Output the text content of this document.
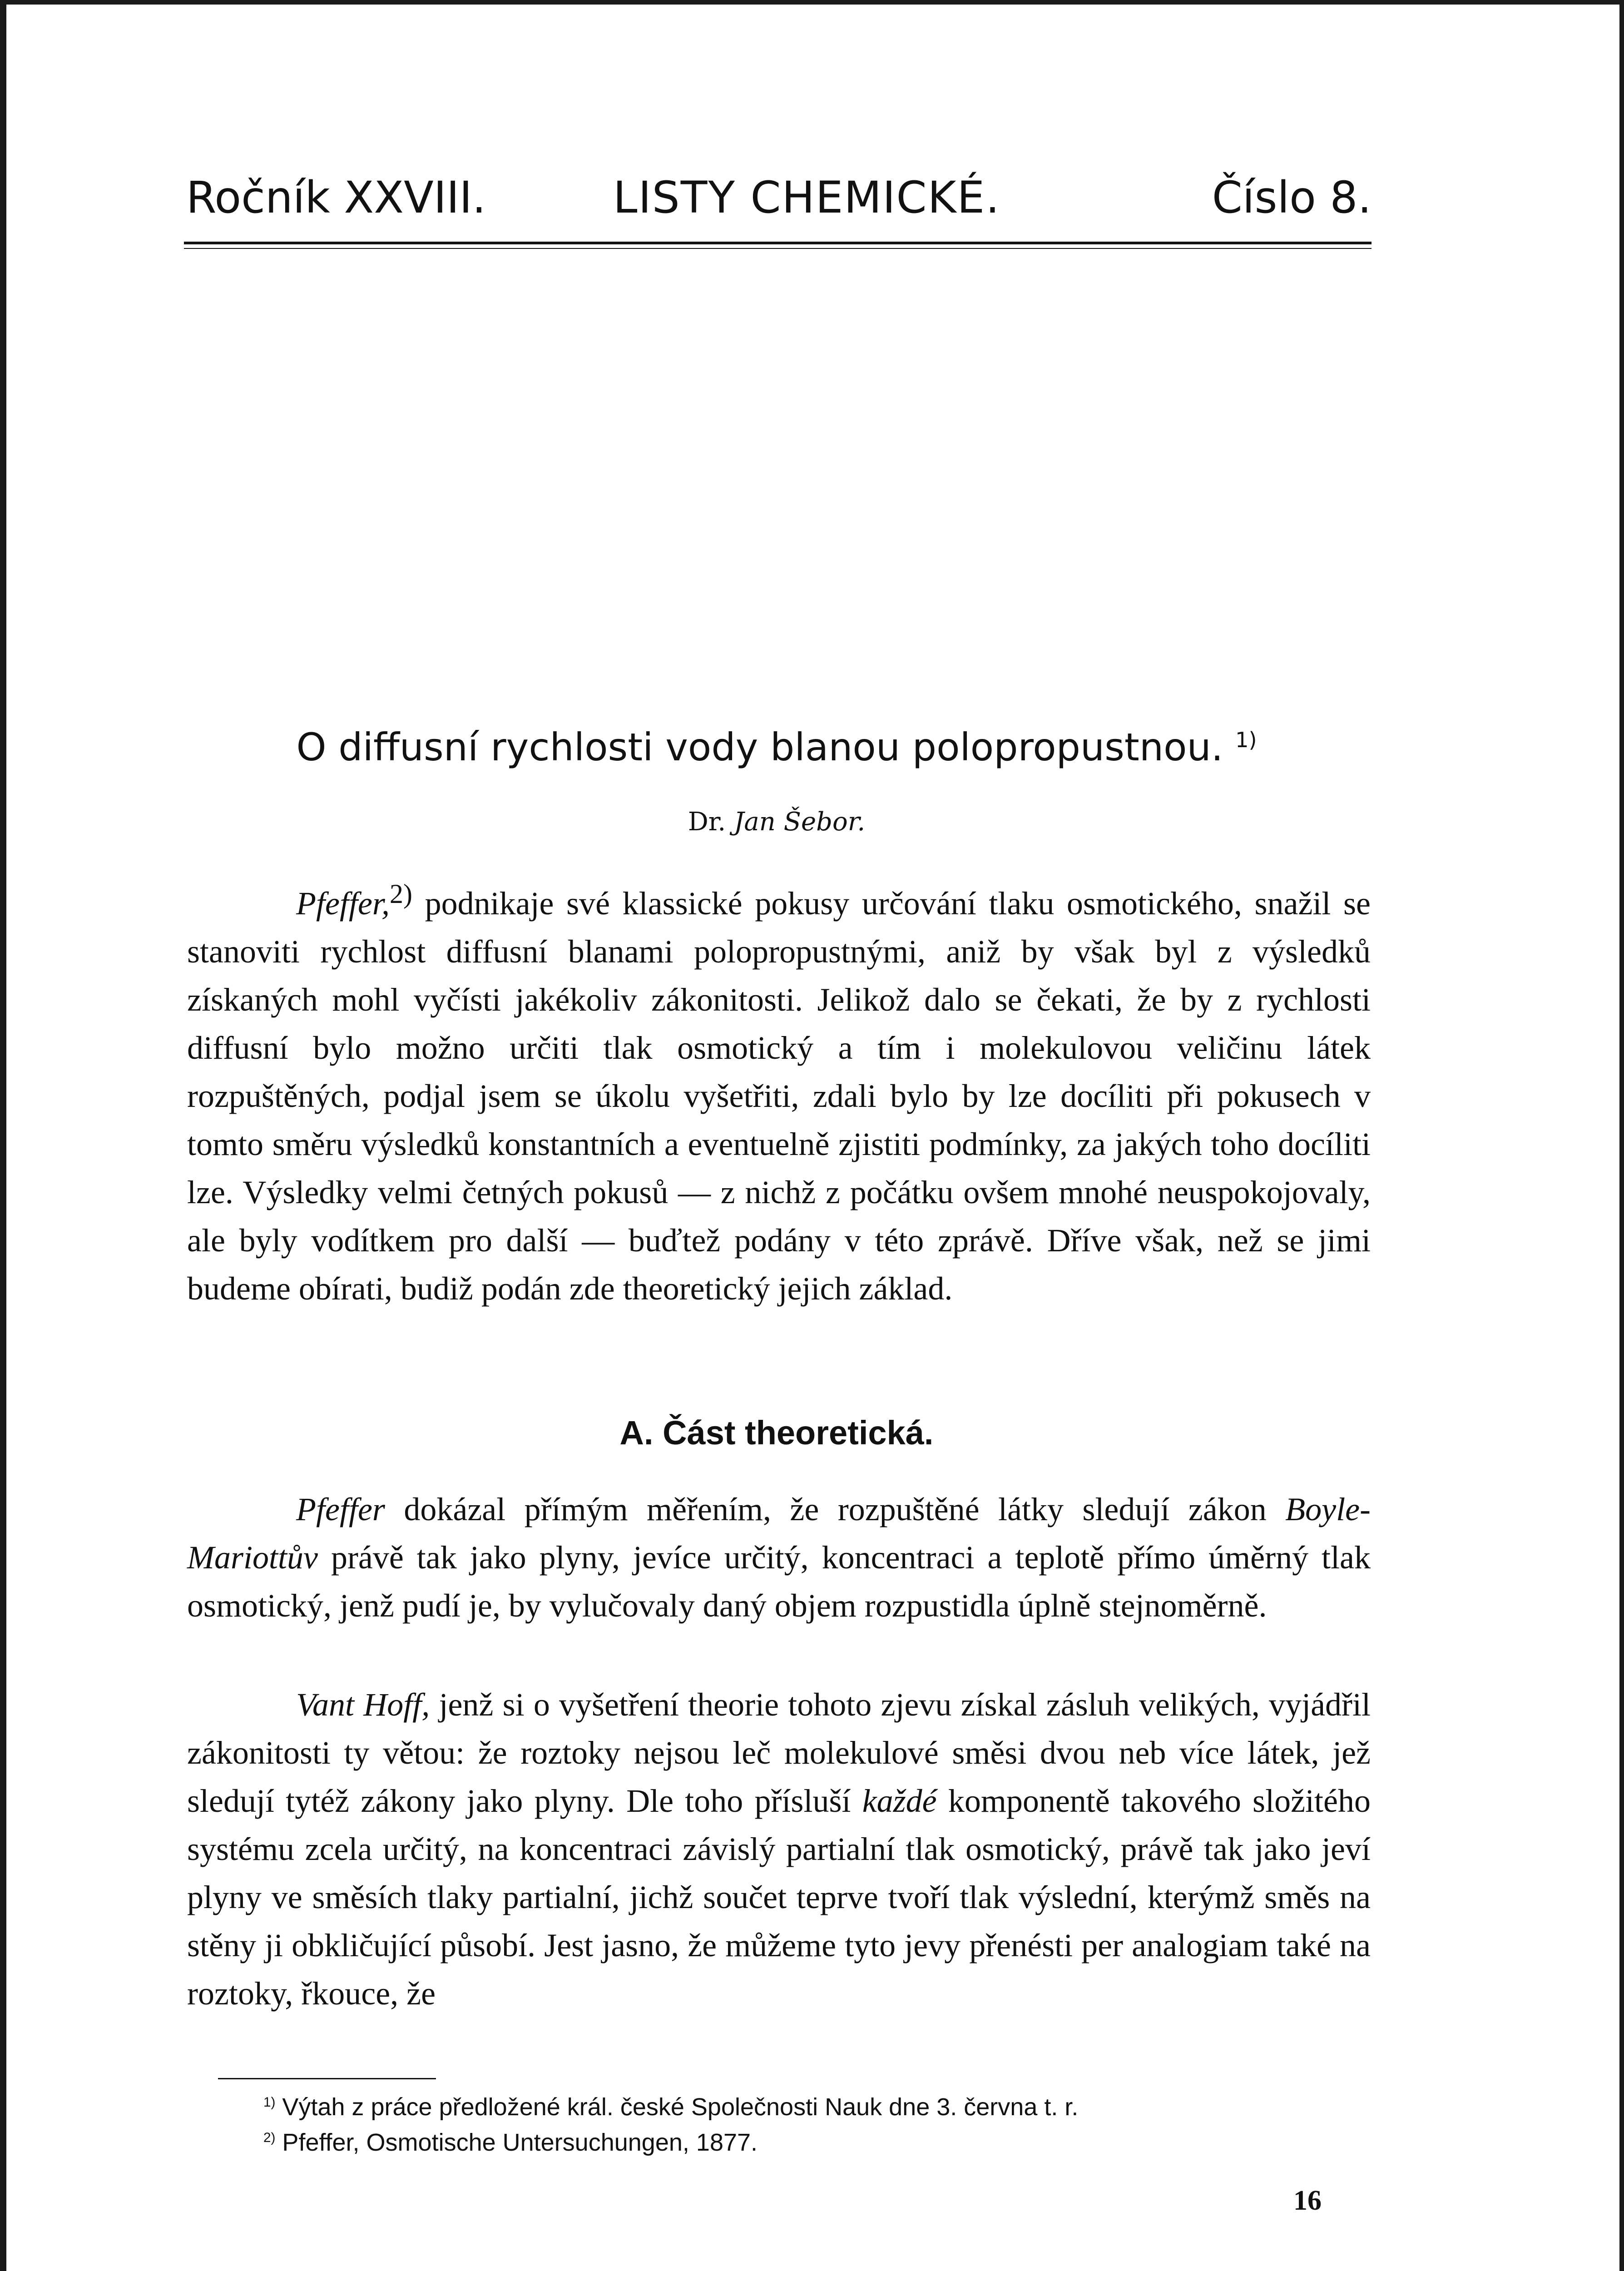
Ročník XXVIII.	LISTY CHEMICKÉ.	Číslo 8.
O diffusní rychlosti vody blanou polopropustnou. $^{1)}$
Dr. Jan Šebor.

Pfeffer,$^{2)}$ podnikaje své klassické pokusy určování tlaku osmotického, snažil se stanoviti rychlost diffusní blanami polopropustnými, aniž by však byl z výsledků získaných mohl vyčísti jakékoliv zákonitosti. Jelikož dalo se čekati, že by z rychlosti diffusní bylo možno určiti tlak osmotický a tím i molekulovou veličinu látek rozpuštěných, podjal jsem se úkolu vyšetřiti, zdali bylo by lze docíliti při pokusech v tomto směru výsledků konstantních a eventuelně zjistiti podmínky, za jakých toho docíliti lze. Výsledky velmi četných pokusů — z nichž z počátku ovšem mnohé neuspokojovaly, ale byly vodítkem pro další — buďtež podány v této zprávě. Dříve však, než se jimi budeme obírati, budiž podán zde theoretický jejich základ.

A. Část theoretická.

Pfeffer dokázal přímým měřením, že rozpuštěné látky sledují zákon Boyle-Mariottův právě tak jako plyny, jevíce určitý, koncentraci a teplotě přímo úměrný tlak osmotický, jenž pudí je, by vylučovaly daný objem rozpustidla úplně stejnoměrně.

Vant Hoff, jenž si o vyšetření theorie tohoto zjevu získal zásluh velikých, vyjádřil zákonitosti ty větou: že roztoky nejsou leč molekulové směsi dvou neb více látek, jež sledují tytéž zákony jako plyny. Dle toho přísluší každé komponentě takového složitého systému zcela určitý, na koncentraci závislý partialní tlak osmotický, právě tak jako jeví plyny ve směsích tlaky partialní, jichž součet teprve tvoří tlak výslední, kterýmž směs na stěny ji obkličující působí. Jest jasno, že můžeme tyto jevy přenésti per analogiam také na roztoky, řkouce, že

$^{1)}$ Výtah z práce předložené král. české Společnosti Nauk dne 3. června t. r.

$^{2)}$ Pfeffer, Osmotische Untersuchungen, 1877.

16
